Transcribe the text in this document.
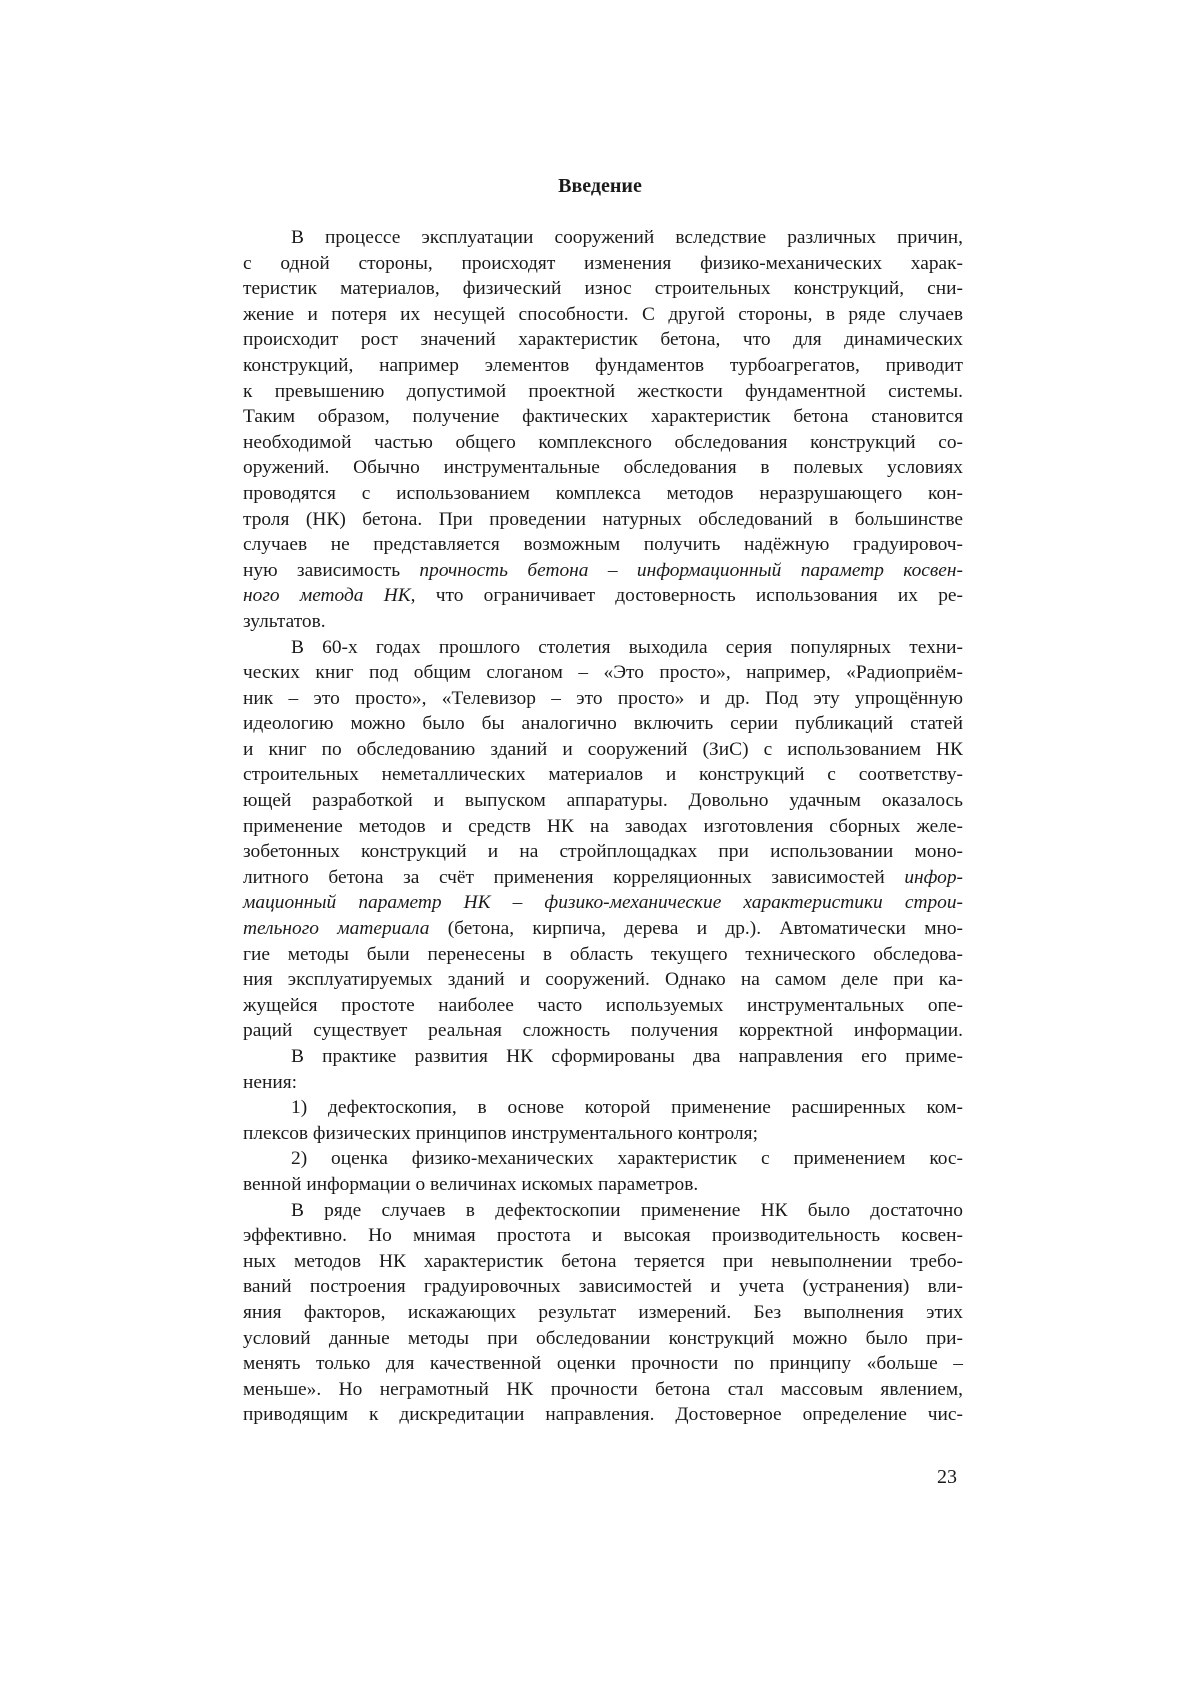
Введение
В процессе эксплуатации сооружений вследствие различных причин,
с одной стороны, происходят изменения физико-механических харак-
теристик материалов, физический износ строительных конструкций, сни-
жение и потеря их несущей способности. С другой стороны, в ряде случаев
происходит рост значений характеристик бетона, что для динамических
конструкций, например элементов фундаментов турбоагрегатов, приводит
к превышению допустимой проектной жесткости фундаментной системы.
Таким образом, получение фактических характеристик бетона становится
необходимой частью общего комплексного обследования конструкций со-
оружений. Обычно инструментальные обследования в полевых условиях
проводятся с использованием комплекса методов неразрушающего кон-
троля (НК) бетона. При проведении натурных обследований в большинстве
случаев не представляется возможным получить надёжную градуировоч-
ную зависимость прочность бетона – информационный параметр косвен-
ного метода НК, что ограничивает достоверность использования их ре-
зультатов.
В 60-х годах прошлого столетия выходила серия популярных техни-
ческих книг под общим слоганом – «Это просто», например, «Радиоприём-
ник – это просто», «Телевизор – это просто» и др. Под эту упрощённую
идеологию можно было бы аналогично включить серии публикаций статей
и книг по обследованию зданий и сооружений (ЗиС) с использованием НК
строительных неметаллических материалов и конструкций с соответству-
ющей разработкой и выпуском аппаратуры. Довольно удачным оказалось
применение методов и средств НК на заводах изготовления сборных желе-
зобетонных конструкций и на стройплощадках при использовании моно-
литного бетона за счёт применения корреляционных зависимостей инфор-
мационный параметр НК – физико-механические характеристики строи-
тельного материала (бетона, кирпича, дерева и др.). Автоматически мно-
гие методы были перенесены в область текущего технического обследова-
ния эксплуатируемых зданий и сооружений. Однако на самом деле при ка-
жущейся простоте наиболее часто используемых инструментальных опе-
раций существует реальная сложность получения корректной информации.
В практике развития НК сформированы два направления его приме-
нения:
1) дефектоскопия, в основе которой применение расширенных ком-
плексов физических принципов инструментального контроля;
2) оценка физико-механических характеристик с применением кос-
венной информации о величинах искомых параметров.
В ряде случаев в дефектоскопии применение НК было достаточно
эффективно. Но мнимая простота и высокая производительность косвен-
ных методов НК характеристик бетона теряется при невыполнении требо-
ваний построения градуировочных зависимостей и учета (устранения) вли-
яния факторов, искажающих результат измерений. Без выполнения этих
условий данные методы при обследовании конструкций можно было при-
менять только для качественной оценки прочности по принципу «больше –
меньше». Но неграмотный НК прочности бетона стал массовым явлением,
приводящим к дискредитации направления. Достоверное определение чис-
23
